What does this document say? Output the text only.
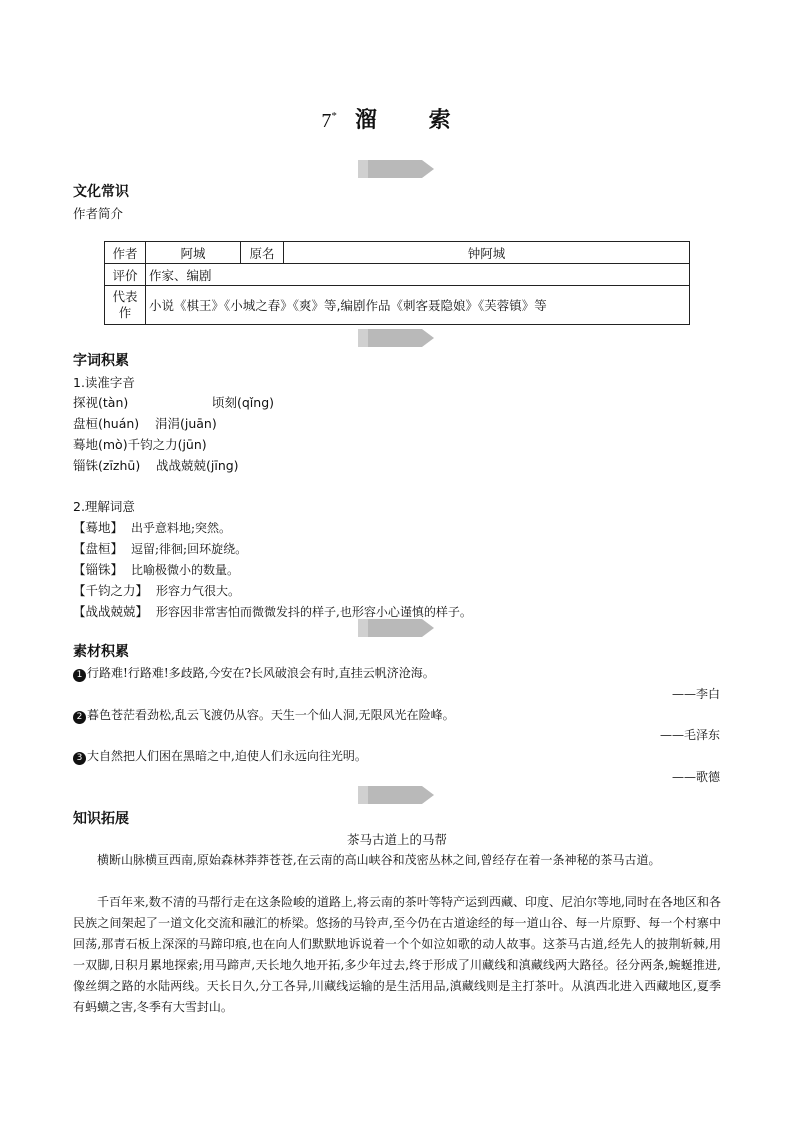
7* 溜 索
文化常识
作者简介
作者	阿城	原名	钟阿城
评价	作家、编剧		
代表作	小说《棋王》《小城之春》《爽》等,编剧作品《刺客聂隐娘》《芙蓉镇》等		
字词积累
1.读准字音
探视(tàn)	顷刻(qǐng)
盘桓(huán) 涓涓(juān)
蓦地(mò)千钧之力(jūn)
锱铢(zīzhū) 战战兢兢(jīng)
2.理解词意
【蓦地】 出乎意料地;突然。
【盘桓】 逗留;徘徊;回环旋绕。
【锱铢】 比喻极微小的数量。
【千钧之力】 形容力气很大。
【战战兢兢】 形容因非常害怕而微微发抖的样子,也形容小心谨慎的样子。
素材积累
1 行路难!行路难!多歧路,今安在?长风破浪会有时,直挂云帆济沧海。
——李白
2 暮色苍茫看劲松,乱云飞渡仍从容。天生一个仙人洞,无限风光在险峰。
——毛泽东
3 大自然把人们困在黑暗之中,迫使人们永远向往光明。
——歌德
知识拓展
茶马古道上的马帮
横断山脉横亘西南,原始森林莽莽苍苍,在云南的高山峡谷和茂密丛林之间,曾经存在着一条神秘的茶马古道。
千百年来,数不清的马帮行走在这条险峻的道路上,将云南的茶叶等特产运到西藏、印度、尼泊尔等地,同时在各地区和各民族之间架起了一道文化交流和融汇的桥梁。悠扬的马铃声,至今仍在古道途经的每一道山谷、每一片原野、每一个村寨中回荡,那青石板上深深的马蹄印痕,也在向人们默默地诉说着一个个如泣如歌的动人故事。这茶马古道,经先人的披荆斩棘,用一双脚,日积月累地探索;用马蹄声,天长地久地开拓,多少年过去,终于形成了川藏线和滇藏线两大路径。径分两条,蜿蜒推进,像丝绸之路的水陆两线。天长日久,分工各异,川藏线运输的是生活用品,滇藏线则是主打茶叶。从滇西北进入西藏地区,夏季有蚂蟥之害,冬季有大雪封山。
